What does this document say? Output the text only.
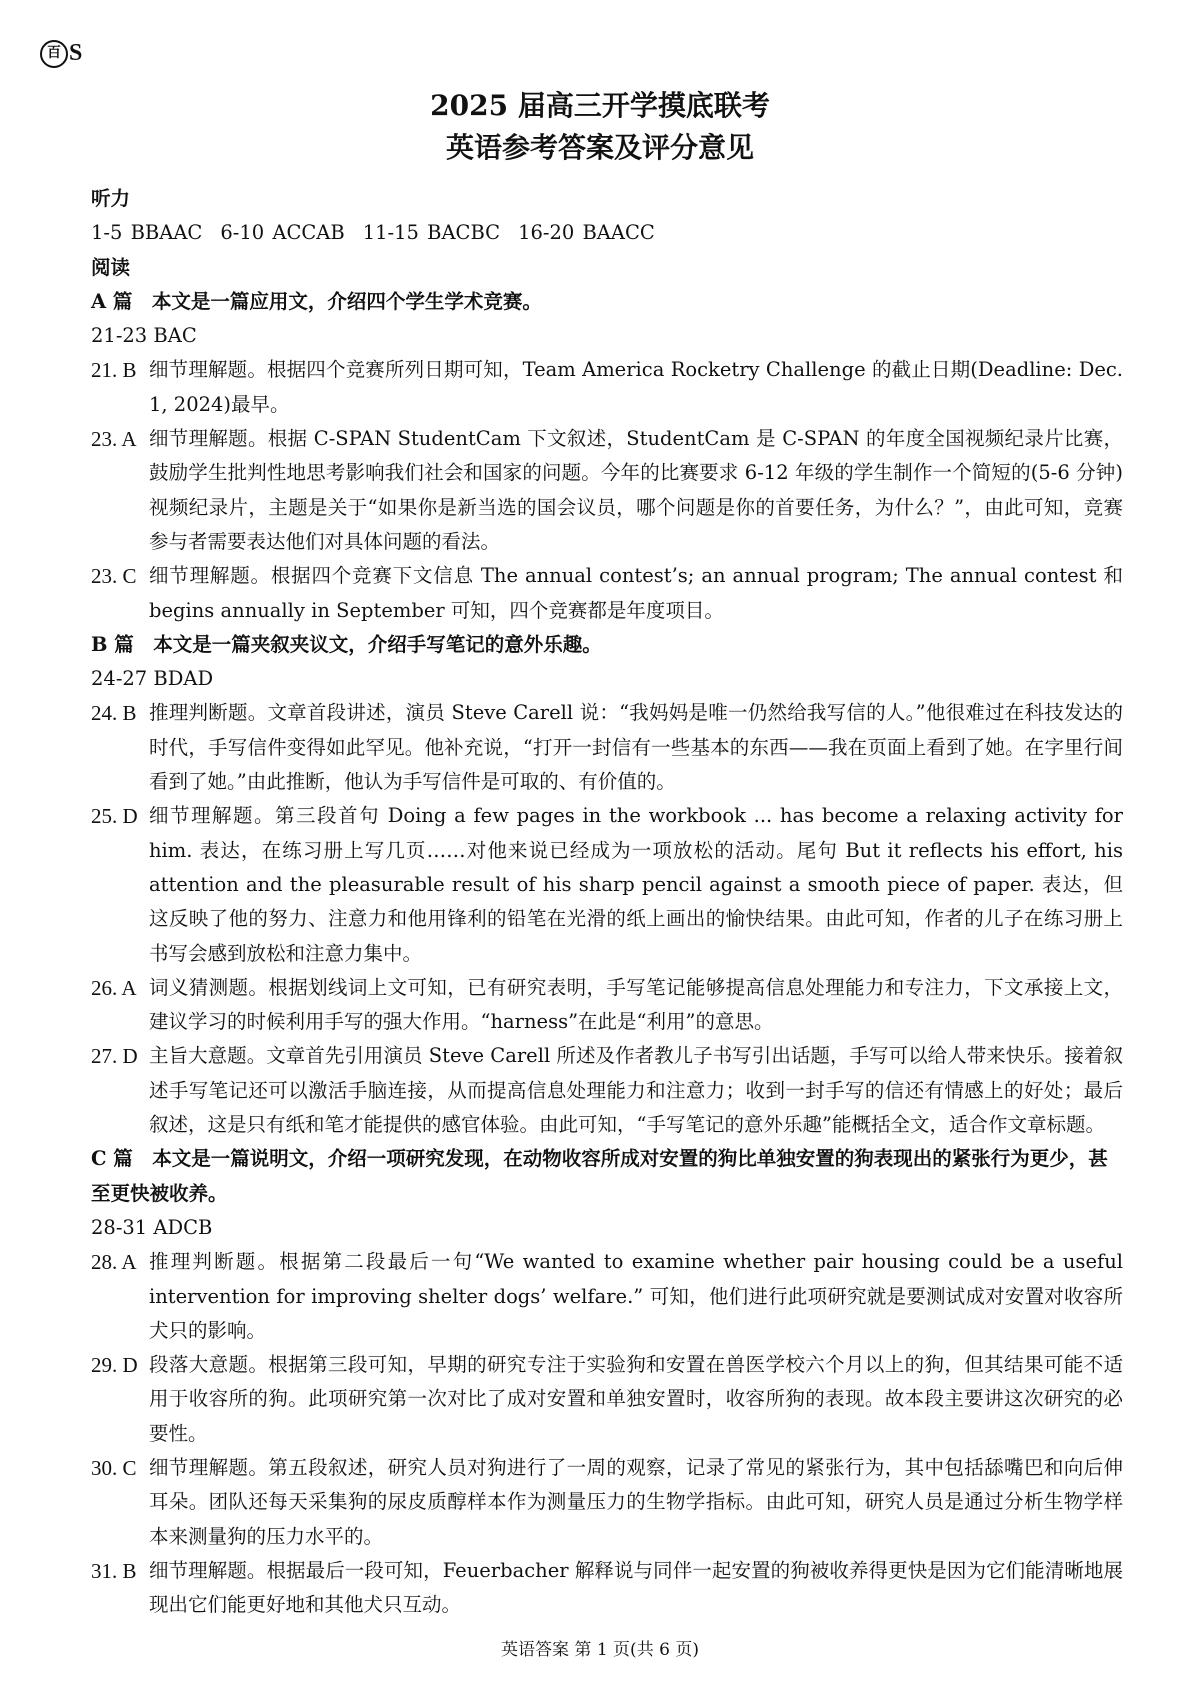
百 S
2025 届高三开学摸底联考
英语参考答案及评分意见

听力

1-5 BBAAC 6-10 ACCAB 11-15 BACBC 16-20 BAACC

阅读

A 篇　本文是一篇应用文，介绍四个学生学术竞赛。

21-23 BAC

21. B 细节理解题。根据四个竞赛所列日期可知，Team America Rocketry Challenge 的截止日期(Deadline: Dec. 1, 2024)最早。
23. A 细节理解题。根据 C-SPAN StudentCam 下文叙述，StudentCam 是 C-SPAN 的年度全国视频纪录片比赛，鼓励学生批判性地思考影响我们社会和国家的问题。今年的比赛要求 6-12 年级的学生制作一个简短的(5-6 分钟)视频纪录片，主题是关于“如果你是新当选的国会议员，哪个问题是你的首要任务，为什么？”，由此可知，竞赛参与者需要表达他们对具体问题的看法。
23. C 细节理解题。根据四个竞赛下文信息 The annual contest’s; an annual program; The annual contest 和 begins annually in September 可知，四个竞赛都是年度项目。

B 篇　本文是一篇夹叙夹议文，介绍手写笔记的意外乐趣。

24-27 BDAD

24. B 推理判断题。文章首段讲述，演员 Steve Carell 说：“我妈妈是唯一仍然给我写信的人。”他很难过在科技发达的时代，手写信件变得如此罕见。他补充说，“打开一封信有一些基本的东西——我在页面上看到了她。在字里行间看到了她。”由此推断，他认为手写信件是可取的、有价值的。
25. D 细节理解题。第三段首句 Doing a few pages in the workbook ... has become a relaxing activity for him. 表达，在练习册上写几页……对他来说已经成为一项放松的活动。尾句 But it reflects his effort, his attention and the pleasurable result of his sharp pencil against a smooth piece of paper. 表达，但这反映了他的努力、注意力和他用锋利的铅笔在光滑的纸上画出的愉快结果。由此可知，作者的儿子在练习册上书写会感到放松和注意力集中。
26. A 词义猜测题。根据划线词上文可知，已有研究表明，手写笔记能够提高信息处理能力和专注力，下文承接上文，建议学习的时候利用手写的强大作用。“harness”在此是“利用”的意思。
27. D 主旨大意题。文章首先引用演员 Steve Carell 所述及作者教儿子书写引出话题，手写可以给人带来快乐。接着叙述手写笔记还可以激活手脑连接，从而提高信息处理能力和注意力；收到一封手写的信还有情感上的好处；最后叙述，这是只有纸和笔才能提供的感官体验。由此可知，“手写笔记的意外乐趣”能概括全文，适合作文章标题。

C 篇　本文是一篇说明文，介绍一项研究发现，在动物收容所成对安置的狗比单独安置的狗表现出的紧张行为更少，甚至更快被收养。

28-31 ADCB

28. A 推理判断题。根据第二段最后一句“We wanted to examine whether pair housing could be a useful intervention for improving shelter dogs’ welfare.” 可知，他们进行此项研究就是要测试成对安置对收容所犬只的影响。
29. D 段落大意题。根据第三段可知，早期的研究专注于实验狗和安置在兽医学校六个月以上的狗，但其结果可能不适用于收容所的狗。此项研究第一次对比了成对安置和单独安置时，收容所狗的表现。故本段主要讲这次研究的必要性。
30. C 细节理解题。第五段叙述，研究人员对狗进行了一周的观察，记录了常见的紧张行为，其中包括舔嘴巴和向后伸耳朵。团队还每天采集狗的尿皮质醇样本作为测量压力的生物学指标。由此可知，研究人员是通过分析生物学样本来测量狗的压力水平的。
31. B 细节理解题。根据最后一段可知，Feuerbacher 解释说与同伴一起安置的狗被收养得更快是因为它们能清晰地展现出它们能更好地和其他犬只互动。
英语答案 第 1 页(共 6 页)
